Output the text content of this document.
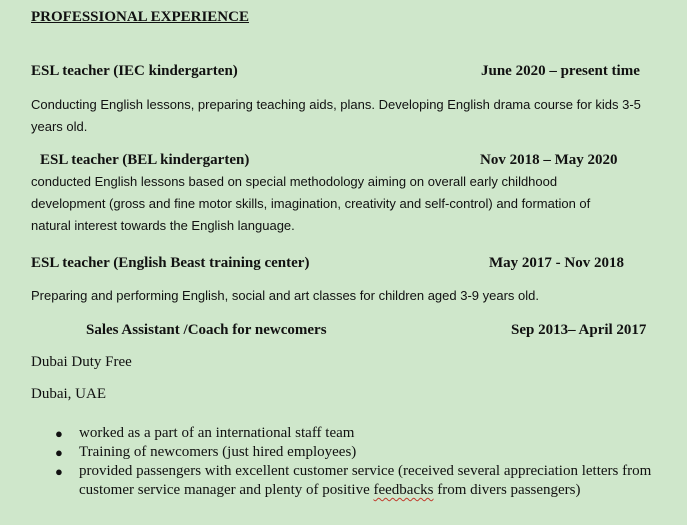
PROFESSIONAL EXPERIENCE
ESL teacher (IEC kindergarten)	June 2020 – present time
Conducting English lessons, preparing teaching aids, plans. Developing English drama course for kids 3-5 years old.
ESL teacher (BEL kindergarten)	Nov 2018 – May 2020
conducted English lessons based on special methodology aiming on overall early childhood development (gross and fine motor skills, imagination, creativity and self-control) and formation of natural interest towards the English language.
ESL teacher (English Beast training center)	May 2017 - Nov 2018
Preparing and performing English, social and art classes for children aged 3-9 years old.
Sales Assistant /Coach for newcomers	Sep 2013– April 2017
Dubai Duty Free
Dubai, UAE
● worked as a part of an international staff team
● Training of newcomers (just hired employees)
● provided passengers with excellent customer service (received several appreciation letters from customer service manager and plenty of positive feedbacks from divers passengers)
